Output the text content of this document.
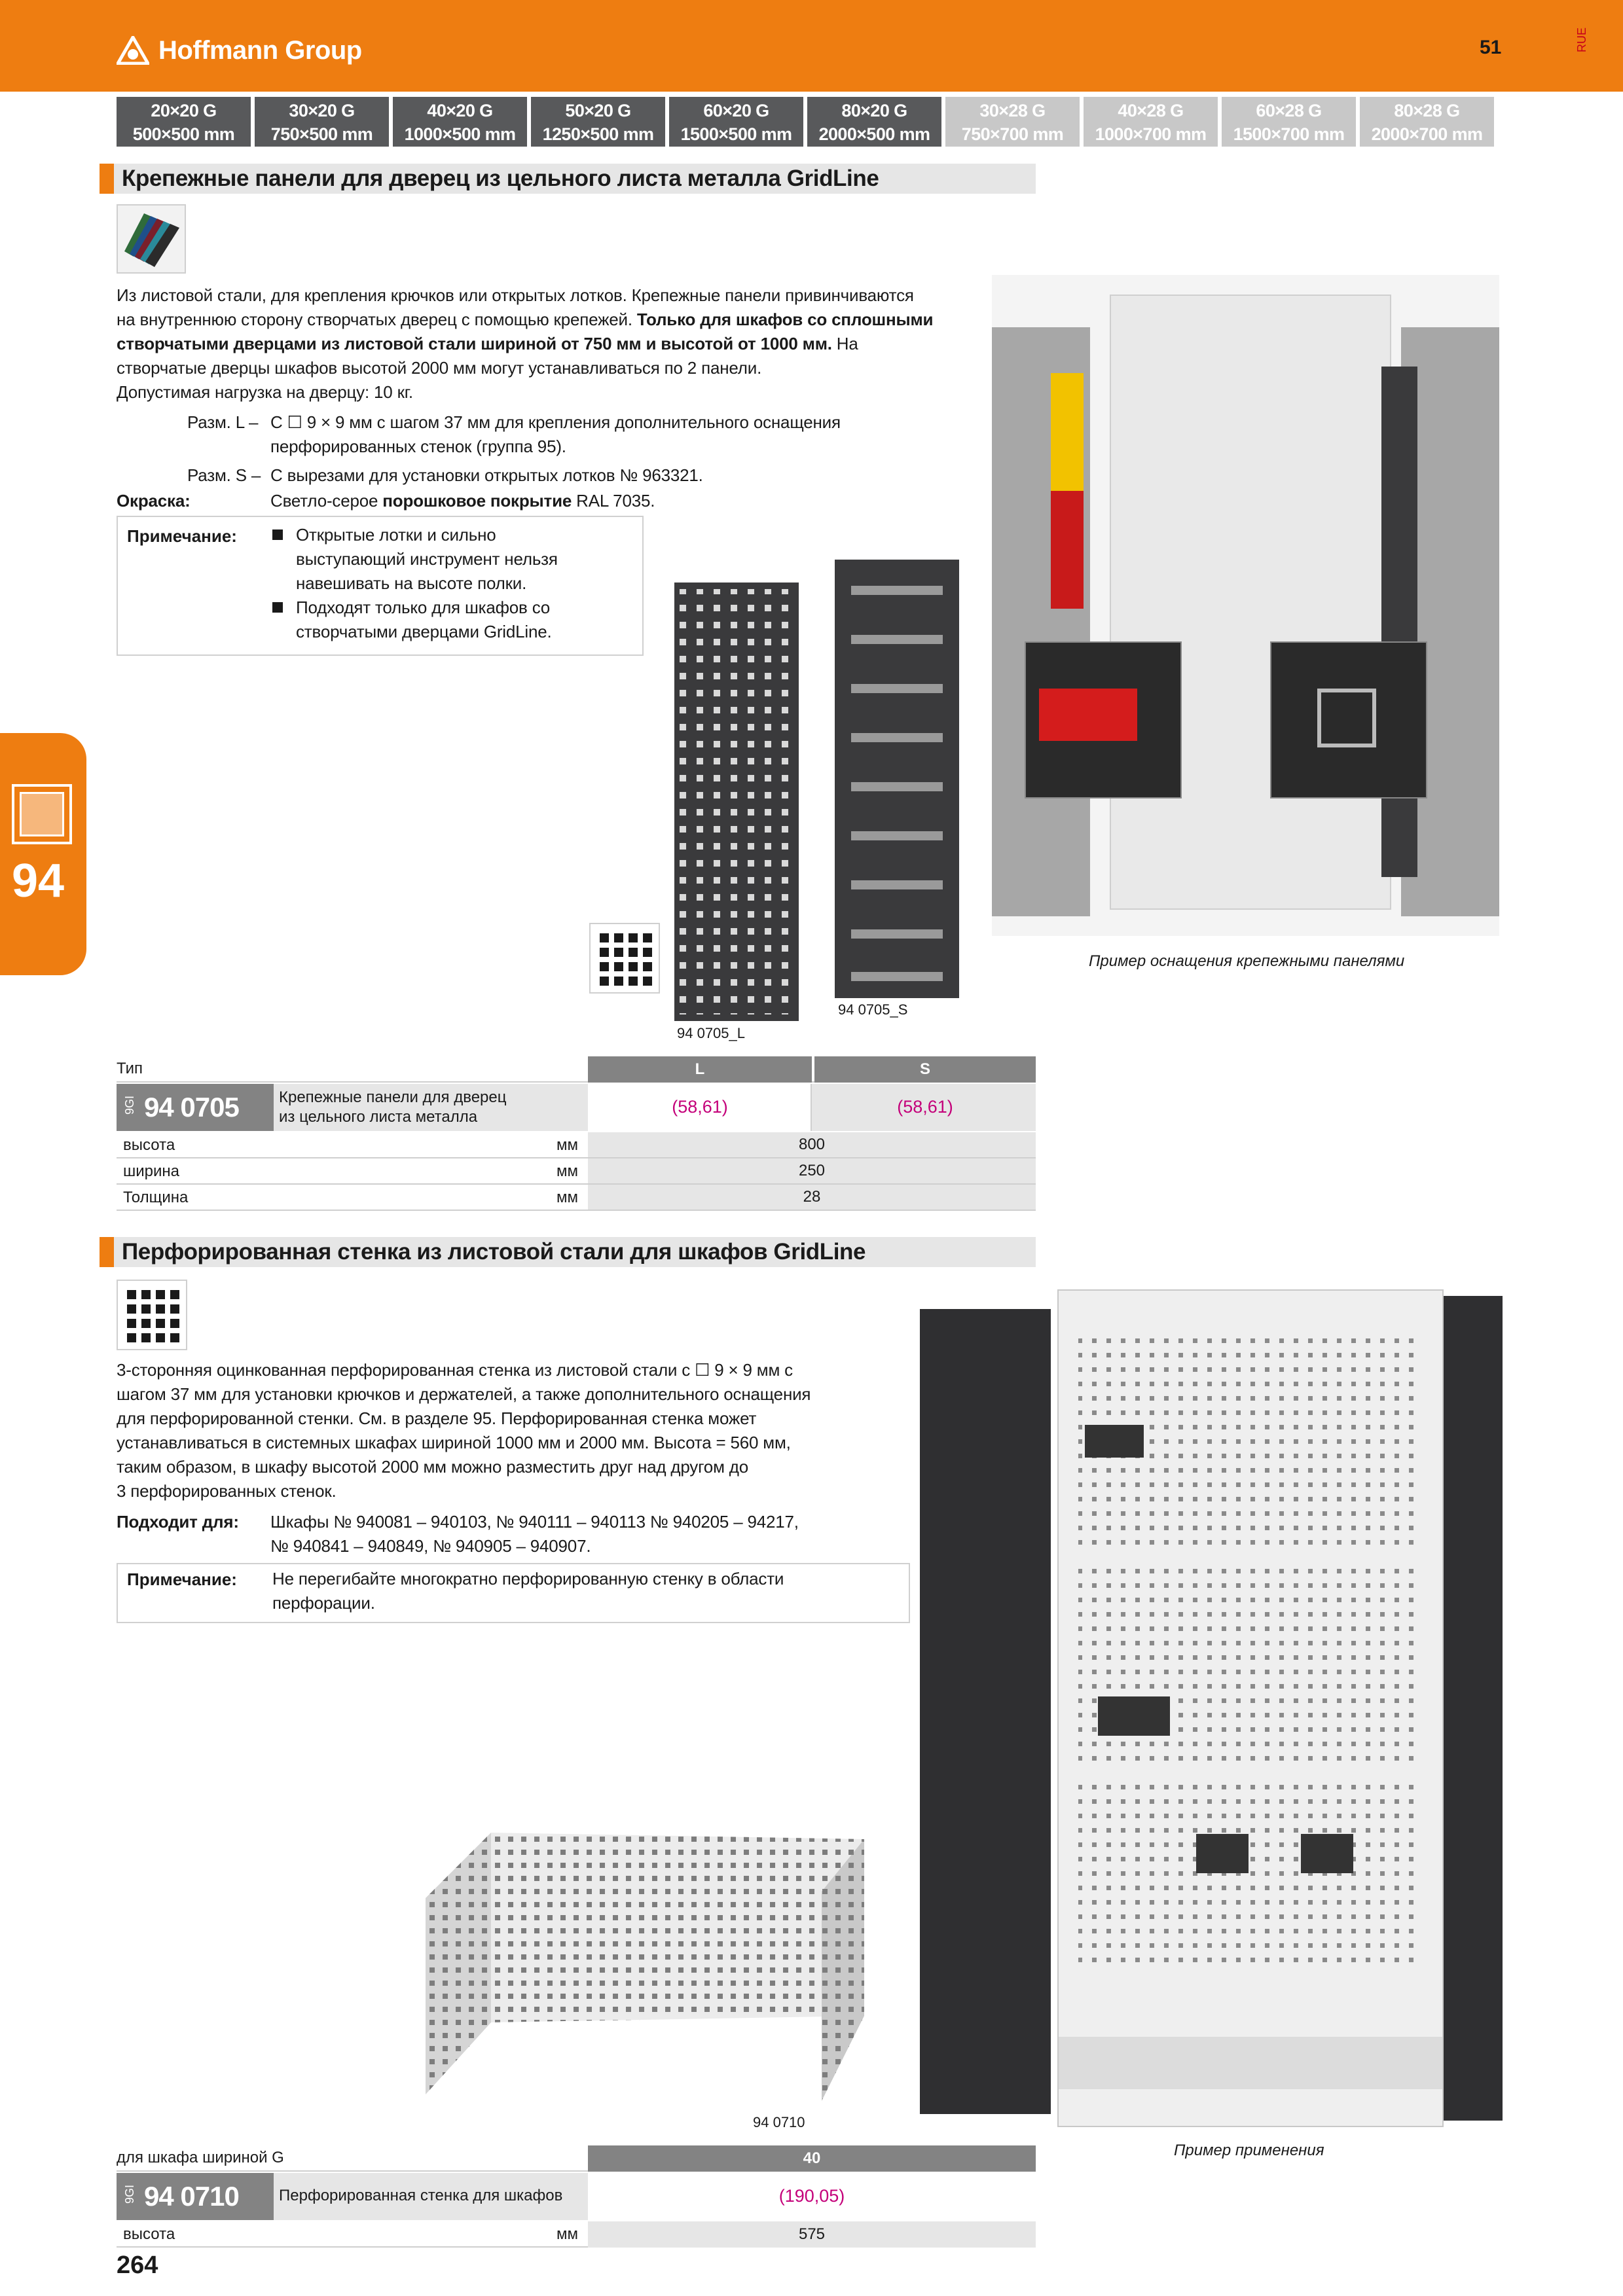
Hoffmann Group	51	RUE
20×20 G
500×500 mm
30×20 G
750×500 mm
40×20 G
1000×500 mm
50×20 G
1250×500 mm
60×20 G
1500×500 mm
80×20 G
2000×500 mm
30×28 G
750×700 mm
40×28 G
1000×700 mm
60×28 G
1500×700 mm
80×28 G
2000×700 mm
Крепежные панели для дверец из цельного листа металла GridLine
Из листовой стали, для крепления крючков или открытых лотков. Крепежные панели привинчиваются
на внутреннюю сторону створчатых дверец с помощью крепежей. Только для шкафов со сплошными
створчатыми дверцами из листовой стали шириной от 750 мм и высотой от 1000 мм. На
створчатые дверцы шкафов высотой 2000 мм могут устанавливаться по 2 панели.
Допустимая нагрузка на дверцу: 10 кг.
Разм. L – С ☐ 9 × 9 мм с шагом 37 мм для крепления дополнительного оснащения
перфорированных стенок (группа 95).
Разм. S – С вырезами для установки открытых лотков № 963321.
Окраска:	Светло-серое порошковое покрытие RAL 7035.
Примечание:	Открытые лотки и сильно
выступающий инструмент нельзя
навешивать на высоте полки.
Подходят только для шкафов со
створчатыми дверцами GridLine.
94 0705_L
94 0705_S
Пример оснащения крепежными панелями
Тип	L	S
9GI 94 0705	Крепежные панели для дверец
из цельного листа металла
(58,61)	(58,61)
высота	мм	800
ширина	мм	250
Толщина	мм	28
Перфорированная стенка из листовой стали для шкафов GridLine
3-сторонняя оцинкованная перфорированная стенка из листовой стали с ☐ 9 × 9 мм с
шагом 37 мм для установки крючков и держателей, а также дополнительного оснащения
для перфорированной стенки. См. в разделе 95. Перфорированная стенка может
устанавливаться в системных шкафах шириной 1000 мм и 2000 мм. Высота = 560 мм,
таким образом, в шкафу высотой 2000 мм можно разместить друг над другом до
3 перфорированных стенок.
Подходит для: Шкафы № 940081 – 940103, № 940111 – 940113 № 940205 – 94217,
№ 940841 – 940849, № 940905 – 940907.
Примечание: Не перегибайте многократно перфорированную стенку в области
перфорации.
94 0710
Пример применения
для шкафа шириной G	40
9GI 94 0710	Перфорированная стенка для шкафов	(190,05)
высота	мм	575
94
264
